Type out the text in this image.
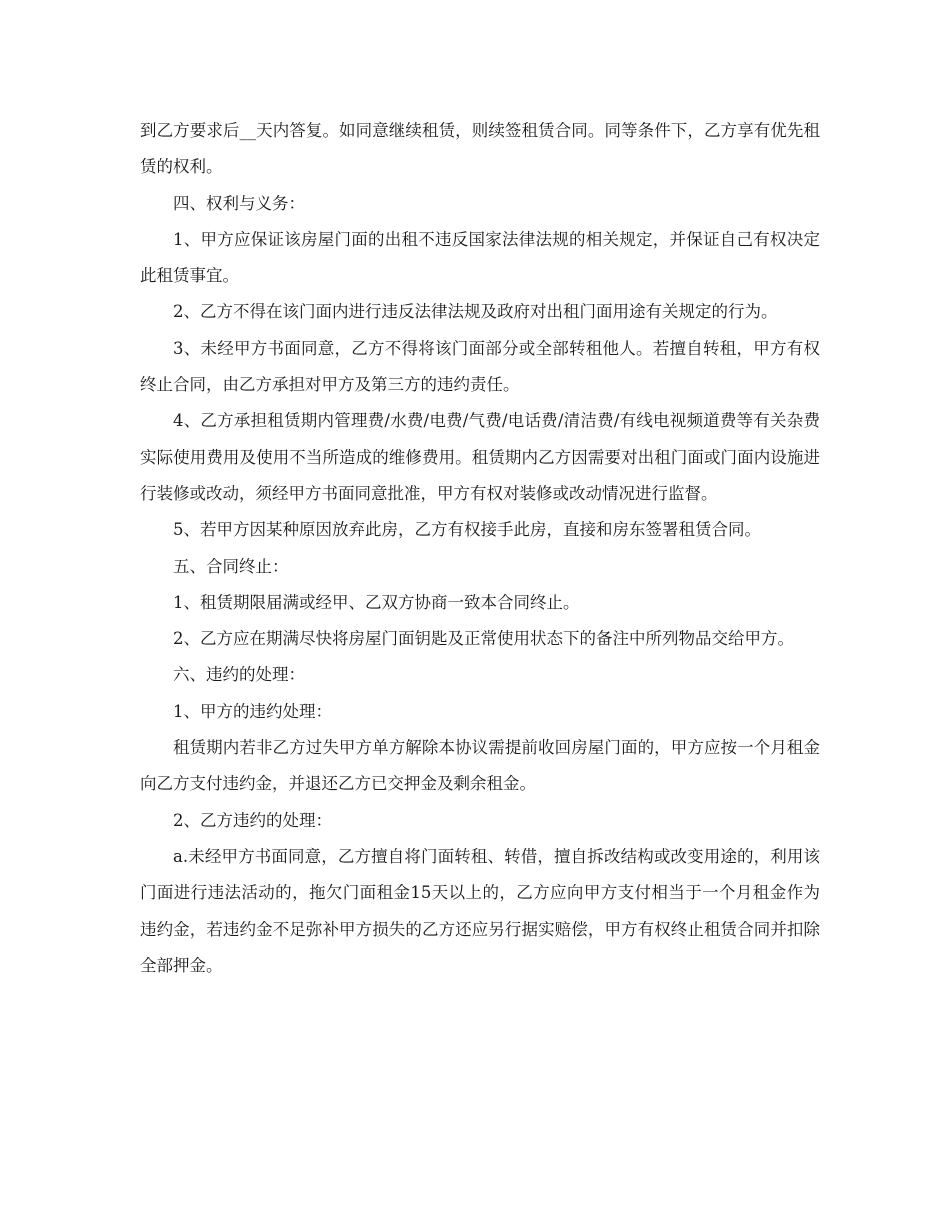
到乙方要求后__天内答复。如同意继续租赁，则续签租赁合同。同等条件下，乙方享有优先租赁的权利。

四、权利与义务：

1、甲方应保证该房屋门面的出租不违反国家法律法规的相关规定，并保证自己有权决定此租赁事宜。

2、乙方不得在该门面内进行违反法律法规及政府对出租门面用途有关规定的行为。

3、未经甲方书面同意，乙方不得将该门面部分或全部转租他人。若擅自转租，甲方有权终止合同，由乙方承担对甲方及第三方的违约责任。

4、乙方承担租赁期内管理费/水费/电费/气费/电话费/清洁费/有线电视频道费等有关杂费实际使用费用及使用不当所造成的维修费用。租赁期内乙方因需要对出租门面或门面内设施进行装修或改动，须经甲方书面同意批准，甲方有权对装修或改动情况进行监督。

5、若甲方因某种原因放弃此房，乙方有权接手此房，直接和房东签署租赁合同。

五、合同终止：

1、租赁期限届满或经甲、乙双方协商一致本合同终止。

2、乙方应在期满尽快将房屋门面钥匙及正常使用状态下的备注中所列物品交给甲方。

六、违约的处理：

1、甲方的违约处理：

租赁期内若非乙方过失甲方单方解除本协议需提前收回房屋门面的，甲方应按一个月租金向乙方支付违约金，并退还乙方已交押金及剩余租金。

2、乙方违约的处理：

a.未经甲方书面同意，乙方擅自将门面转租、转借，擅自拆改结构或改变用途的，利用该门面进行违法活动的，拖欠门面租金15天以上的，乙方应向甲方支付相当于一个月租金作为违约金，若违约金不足弥补甲方损失的乙方还应另行据实赔偿，甲方有权终止租赁合同并扣除全部押金。
